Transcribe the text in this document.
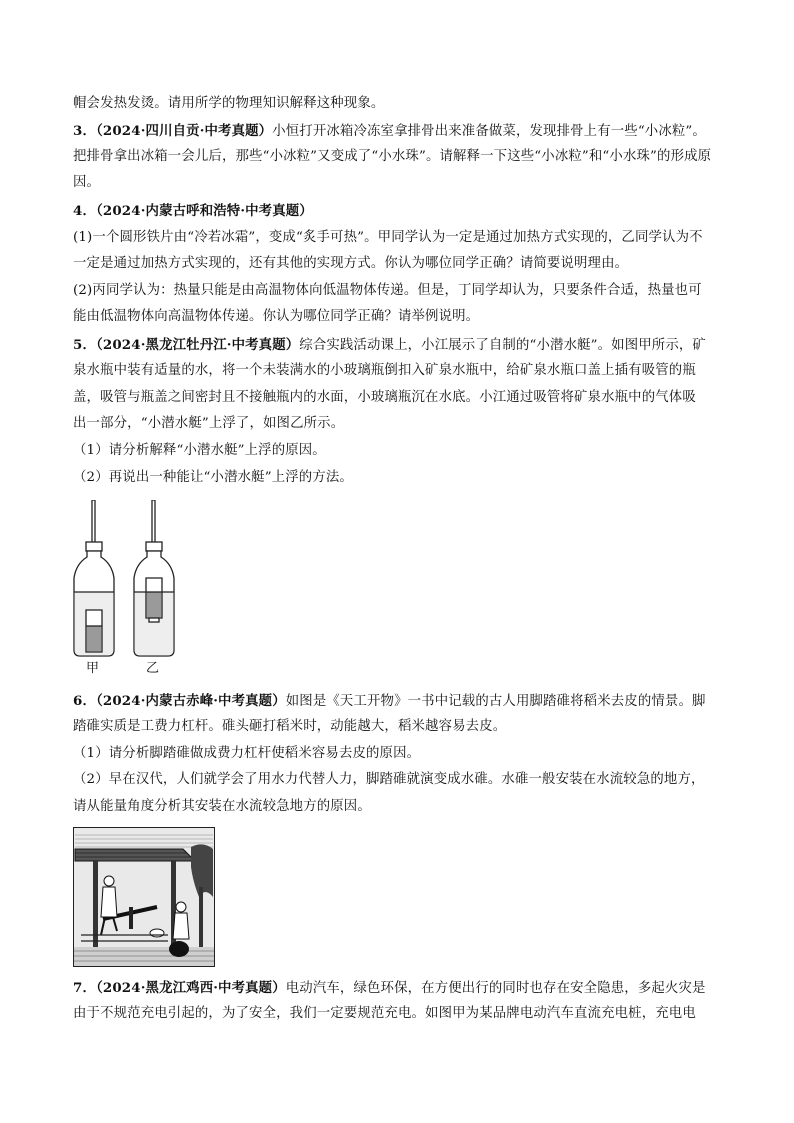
帽会发热发烫。请用所学的物理知识解释这种现象。
3．（2024·四川自贡·中考真题）小恒打开冰箱冷冻室拿排骨出来准备做菜，发现排骨上有一些“小冰粒”。
把排骨拿出冰箱一会儿后，那些“小冰粒”又变成了“小水珠”。请解释一下这些“小冰粒”和“小水珠”的形成原
因。
4．（2024·内蒙古呼和浩特·中考真题）
(1)一个圆形铁片由“冷若冰霜”，变成“炙手可热”。甲同学认为一定是通过加热方式实现的，乙同学认为不
一定是通过加热方式实现的，还有其他的实现方式。你认为哪位同学正确？请简要说明理由。
(2)丙同学认为：热量只能是由高温物体向低温物体传递。但是，丁同学却认为，只要条件合适，热量也可
能由低温物体向高温物体传递。你认为哪位同学正确？请举例说明。
5．（2024·黑龙江牡丹江·中考真题）综合实践活动课上，小江展示了自制的“小潜水艇”。如图甲所示，矿
泉水瓶中装有适量的水，将一个未装满水的小玻璃瓶倒扣入矿泉水瓶中，给矿泉水瓶口盖上插有吸管的瓶
盖，吸管与瓶盖之间密封且不接触瓶内的水面，小玻璃瓶沉在水底。小江通过吸管将矿泉水瓶中的气体吸
出一部分，“小潜水艇”上浮了，如图乙所示。
（1）请分析解释“小潜水艇”上浮的原因。
（2）再说出一种能让“小潜水艇”上浮的方法。
甲	乙
6．（2024·内蒙古赤峰·中考真题）如图是《天工开物》一书中记载的古人用脚踏碓将稻米去皮的情景。脚
踏碓实质是工费力杠杆。碓头砸打稻米时，动能越大，稻米越容易去皮。
（1）请分析脚踏碓做成费力杠杆使稻米容易去皮的原因。
（2）早在汉代，人们就学会了用水力代替人力，脚踏碓就演变成水碓。水碓一般安装在水流较急的地方，
请从能量角度分析其安装在水流较急地方的原因。
7．（2024·黑龙江鸡西·中考真题）电动汽车，绿色环保，在方便出行的同时也存在安全隐患，多起火灾是
由于不规范充电引起的，为了安全，我们一定要规范充电。如图甲为某品牌电动汽车直流充电桩，充电电
